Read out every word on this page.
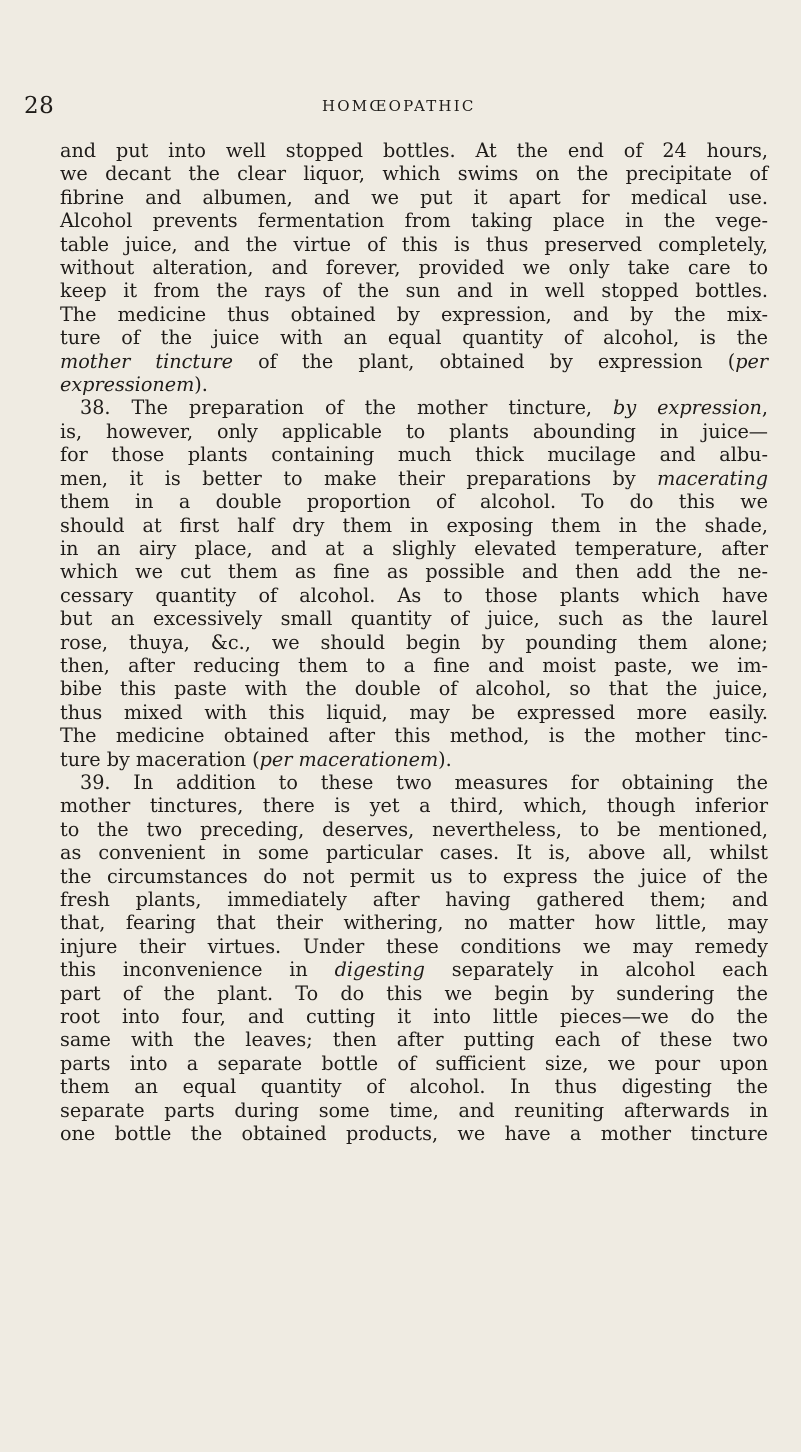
28	HOMŒOPATHIC
and put into well stopped bottles. At the end of 24 hours,
we decant the clear liquor, which swims on the precipitate of
fibrine and albumen, and we put it apart for medical use.
Alcohol prevents fermentation from taking place in the vege-
table juice, and the virtue of this is thus preserved completely,
without alteration, and forever, provided we only take care to
keep it from the rays of the sun and in well stopped bottles.
The medicine thus obtained by expression, and by the mix-
ture of the juice with an equal quantity of alcohol, is the
mother tincture of the plant, obtained by expression (per
expressionem).
38. The preparation of the mother tincture, by expression,
is, however, only applicable to plants abounding in juice—
for those plants containing much thick mucilage and albu-
men, it is better to make their preparations by macerating
them in a double proportion of alcohol. To do this we
should at first half dry them in exposing them in the shade,
in an airy place, and at a slighly elevated temperature, after
which we cut them as fine as possible and then add the ne-
cessary quantity of alcohol. As to those plants which have
but an excessively small quantity of juice, such as the laurel
rose, thuya, &c., we should begin by pounding them alone;
then, after reducing them to a fine and moist paste, we im-
bibe this paste with the double of alcohol, so that the juice,
thus mixed with this liquid, may be expressed more easily.
The medicine obtained after this method, is the mother tinc-
ture by maceration (per macerationem).
39. In addition to these two measures for obtaining the
mother tinctures, there is yet a third, which, though inferior
to the two preceding, deserves, nevertheless, to be mentioned,
as convenient in some particular cases. It is, above all, whilst
the circumstances do not permit us to express the juice of the
fresh plants, immediately after having gathered them; and
that, fearing that their withering, no matter how little, may
injure their virtues. Under these conditions we may remedy
this inconvenience in digesting separately in alcohol each
part of the plant. To do this we begin by sundering the
root into four, and cutting it into little pieces—we do the
same with the leaves; then after putting each of these two
parts into a separate bottle of sufficient size, we pour upon
them an equal quantity of alcohol. In thus digesting the
separate parts during some time, and reuniting afterwards in
one bottle the obtained products, we have a mother tincture
